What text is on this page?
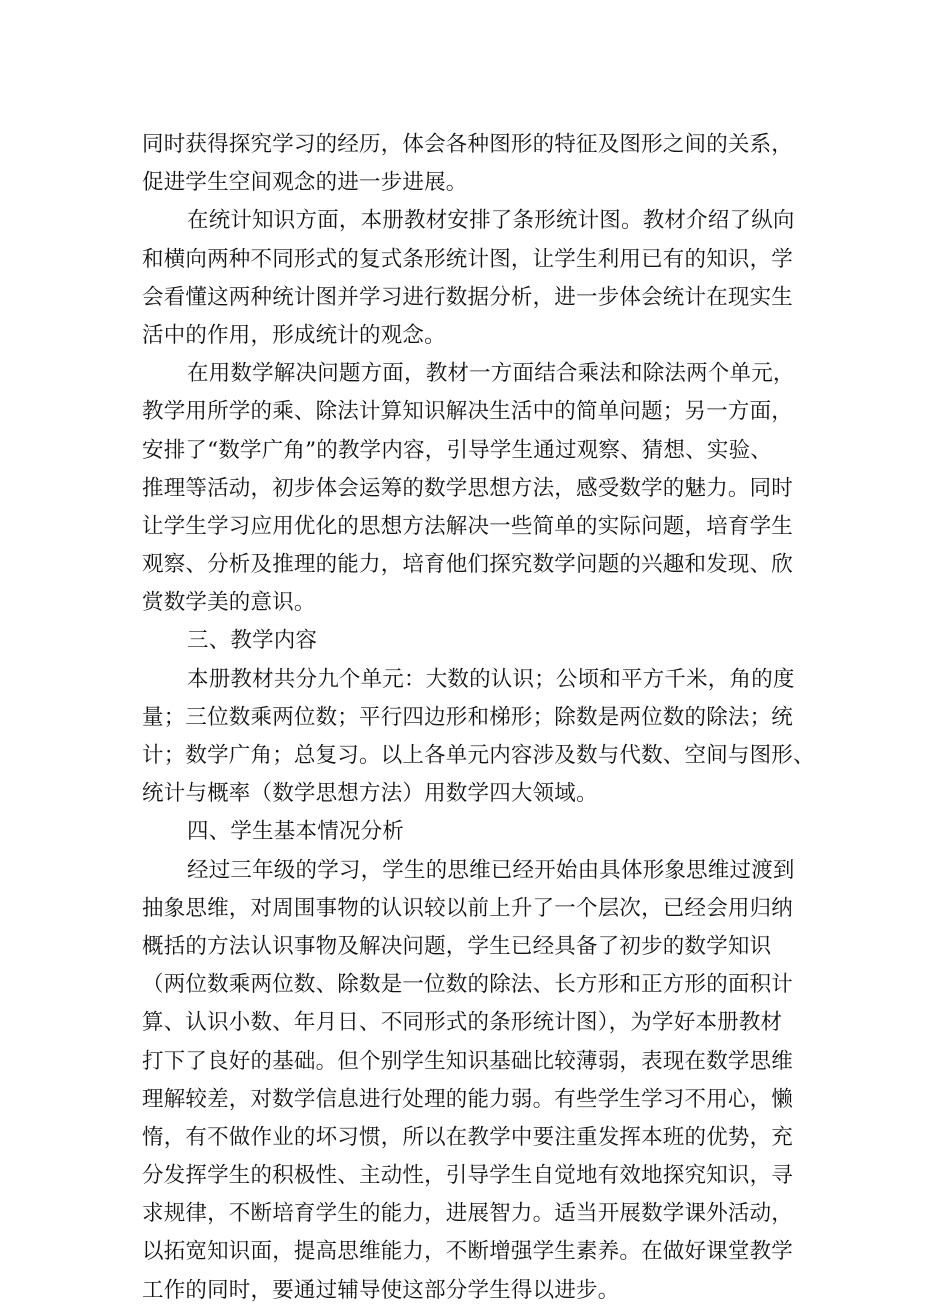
同时获得探究学习的经历，体会各种图形的特征及图形之间的关系，
促进学生空间观念的进一步进展。
在统计知识方面，本册教材安排了条形统计图。教材介绍了纵向
和横向两种不同形式的复式条形统计图，让学生利用已有的知识，学
会看懂这两种统计图并学习进行数据分析，进一步体会统计在现实生
活中的作用，形成统计的观念。
在用数学解决问题方面，教材一方面结合乘法和除法两个单元，
教学用所学的乘、除法计算知识解决生活中的简单问题；另一方面，
安排了“数学广角”的教学内容，引导学生通过观察、猜想、实验、
推理等活动，初步体会运筹的数学思想方法，感受数学的魅力。同时
让学生学习应用优化的思想方法解决一些简单的实际问题，培育学生
观察、分析及推理的能力，培育他们探究数学问题的兴趣和发现、欣
赏数学美的意识。
三、教学内容
本册教材共分九个单元：大数的认识；公顷和平方千米，角的度
量；三位数乘两位数；平行四边形和梯形；除数是两位数的除法；统
计；数学广角；总复习。以上各单元内容涉及数与代数、空间与图形、
统计与概率（数学思想方法）用数学四大领域。
四、学生基本情况分析
经过三年级的学习，学生的思维已经开始由具体形象思维过渡到
抽象思维，对周围事物的认识较以前上升了一个层次，已经会用归纳
概括的方法认识事物及解决问题，学生已经具备了初步的数学知识
（两位数乘两位数、除数是一位数的除法、长方形和正方形的面积计
算、认识小数、年月日、不同形式的条形统计图），为学好本册教材
打下了良好的基础。但个别学生知识基础比较薄弱，表现在数学思维
理解较差，对数学信息进行处理的能力弱。有些学生学习不用心，懒
惰，有不做作业的坏习惯，所以在教学中要注重发挥本班的优势，充
分发挥学生的积极性、主动性，引导学生自觉地有效地探究知识，寻
求规律，不断培育学生的能力，进展智力。适当开展数学课外活动，
以拓宽知识面，提高思维能力，不断增强学生素养。在做好课堂教学
工作的同时，要通过辅导使这部分学生得以进步。
